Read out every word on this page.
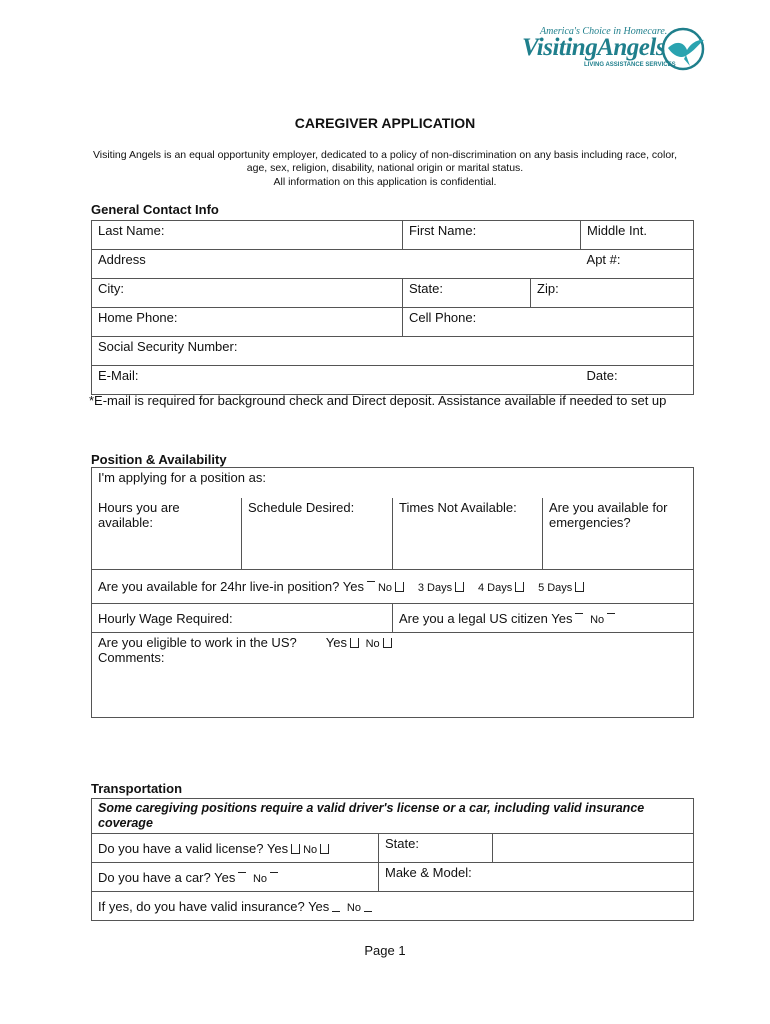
America's Choice in Homecare.
VisitingAngels
LIVING ASSISTANCE SERVICES
CAREGIVER APPLICATION
Visiting Angels is an equal opportunity employer, dedicated to a policy of non-discrimination on any basis including race, color,
age, sex, religion, disability, national origin or marital status.
All information on this application is confidential.
General Contact Info
Last Name:	First Name:		Middle Int.
Address			Apt #:
City:	State:	Zip:	
Home Phone:	Cell Phone:		
Social Security Number:			
E-Mail:			Date:
*E-mail is required for background check and Direct deposit. Assistance available if needed to set up
Position & Availability
I'm applying for a position as:			
Hours you are available:	Schedule Desired:	Times Not Available:	Are you available for emergencies?
Are you available for 24hr live-in position? Yes No 3 Days 4 Days 5 Days			
Hourly Wage Required:		Are you a legal US citizen Yes No	

Are you eligible to work in the US? Yes No
Comments:			
Transportation
Some caregiving positions require a valid driver's license or a car, including valid insurance coverage		
Do you have a valid license? Yes No	State:	
Do you have a car? Yes No	Make & Model:	
If yes, do you have valid insurance? Yes No		
Page 1
